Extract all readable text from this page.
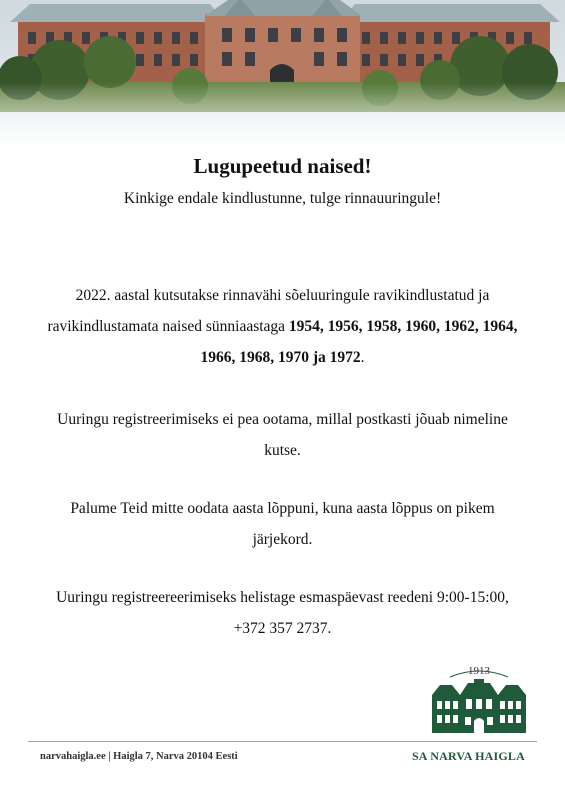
Lugupeetud naised!
Kinkige endale kindlustunne, tulge rinnauuringule!
2022. aastal kutsutakse rinnavähi sõeluuringule ravikindlustatud ja ravikindlustamata naised sünniaastaga 1954, 1956, 1958, 1960, 1962, 1964, 1966, 1968, 1970 ja 1972.
Uuringu registreerimiseks ei pea ootama, millal postkasti jõuab nimeline kutse.
Palume Teid mitte oodata aasta lõppuni, kuna aasta lõppus on pikem järjekord.
Uuringu registreereerimiseks helistage esmaspäevast reedeni 9:00-15:00, +372 357 2737.
1913
narvahaigla.ee | Haigla 7, Narva 20104 Eesti	SA NARVA HAIGLA
